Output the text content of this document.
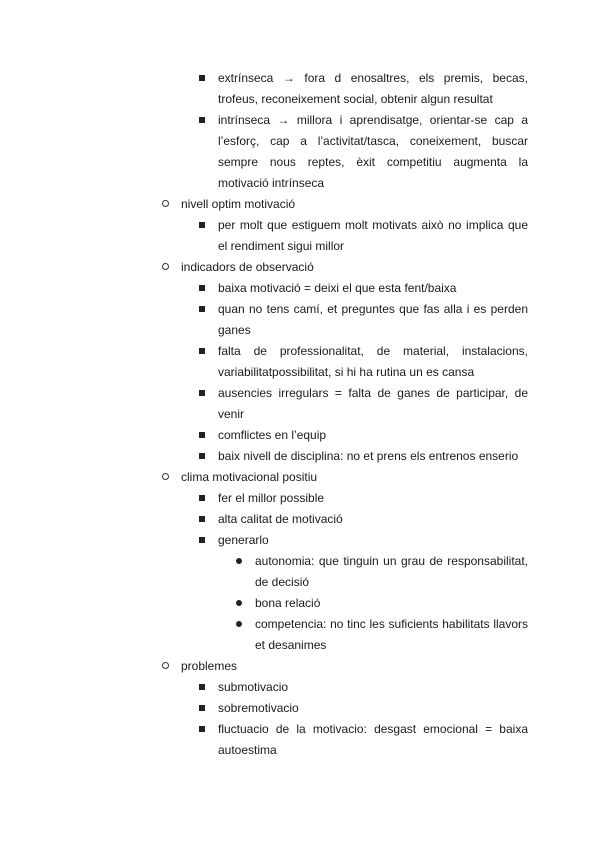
extrínseca → fora d enosaltres, els premis, becas, trofeus, reconeixement social, obtenir algun resultat
intrínseca → millora i aprendisatge, orientar-se cap a l’esforç, cap a l’activitat/tasca, coneixement, buscar sempre nous reptes, èxit competitiu augmenta la motivació intrínseca
nivell optim motivació
per molt que estiguem molt motivats això no implica que el rendiment sigui millor
indicadors de observació
baixa motivació = deixi el que esta fent/baixa
quan no tens camí, et preguntes que fas alla i es perden ganes
falta de professionalitat, de material, instalacions, variabilitatpossibilitat, si hi ha rutina un es cansa
ausencies irregulars = falta de ganes de participar, de venir
comflictes en l’equip
baix nivell de disciplina: no et prens els entrenos enserio
clima motivacional positiu
fer el millor possible
alta calitat de motivació
generarlo
autonomia: que tinguin un grau de responsabilitat, de decisió
bona relació
competencia: no tinc les suficients habilitats llavors et desanimes
problemes
submotivacio
sobremotivacio
fluctuacio de la motivacio: desgast emocional = baixa autoestima
